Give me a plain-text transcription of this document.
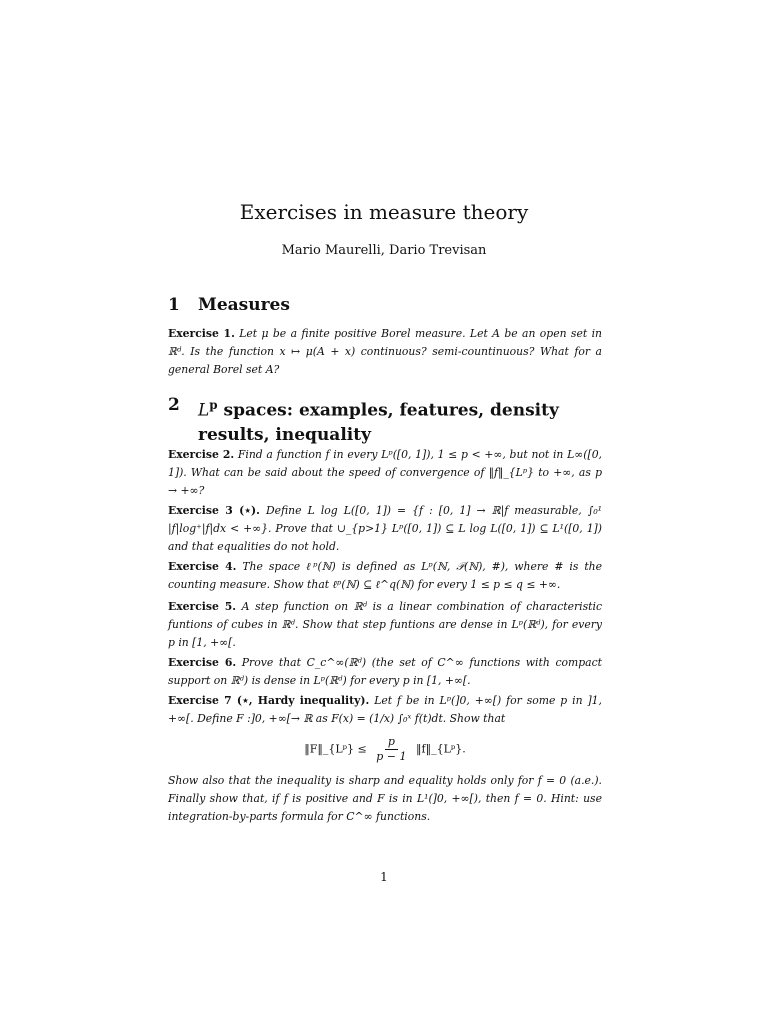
Exercises in measure theory
Mario Maurelli, Dario Trevisan
1 Measures

Exercise 1. Let μ be a finite positive Borel measure. Let A be an open set in ℝᵈ. Is the function x ↦ μ(A + x) continuous? semi-countinuous? What for a general Borel set A?

2 $L^p$ spaces: examples, features, density results, inequality

Exercise 2. Find a function f in every Lᵖ([0, 1]), 1 ≤ p < +∞, but not in L∞([0, 1]). What can be said about the speed of convergence of ‖f‖_{Lᵖ} to +∞, as p → +∞?

Exercise 3 (⋆). Define L log L([0, 1]) = {f : [0, 1] → ℝ|f measurable, ∫₀¹ |f|log⁺|f|dx < +∞}. Prove that ∪_{p>1} Lᵖ([0, 1]) ⊆ L log L([0, 1]) ⊆ L¹([0, 1]) and that equalities do not hold.

Exercise 4. The space ℓᵖ(ℕ) is defined as Lᵖ(ℕ, 𝒫(ℕ), #), where # is the counting measure. Show that ℓᵖ(ℕ) ⊆ ℓ^q(ℕ) for every 1 ≤ p ≤ q ≤ +∞.

Exercise 5. A step function on ℝᵈ is a linear combination of characteristic funtions of cubes in ℝᵈ. Show that step funtions are dense in Lᵖ(ℝᵈ), for every p in [1, +∞[.

Exercise 6. Prove that C_c^∞(ℝᵈ) (the set of C^∞ functions with compact support on ℝᵈ) is dense in Lᵖ(ℝᵈ) for every p in [1, +∞[.

Exercise 7 (⋆, Hardy inequality). Let f be in Lᵖ(]0, +∞[) for some p in ]1, +∞[. Define F :]0, +∞[→ ℝ as F(x) = (1/x) ∫₀ˣ f(t)dt. Show that

‖F‖_{Lᵖ} ≤ $\frac{p}{p - 1}$ ‖f‖_{Lᵖ}.

Show also that the inequality is sharp and equality holds only for f = 0 (a.e.). Finally show that, if f is positive and F is in L¹(]0, +∞[), then f = 0. Hint: use integration-by-parts formula for C^∞ functions.

1
